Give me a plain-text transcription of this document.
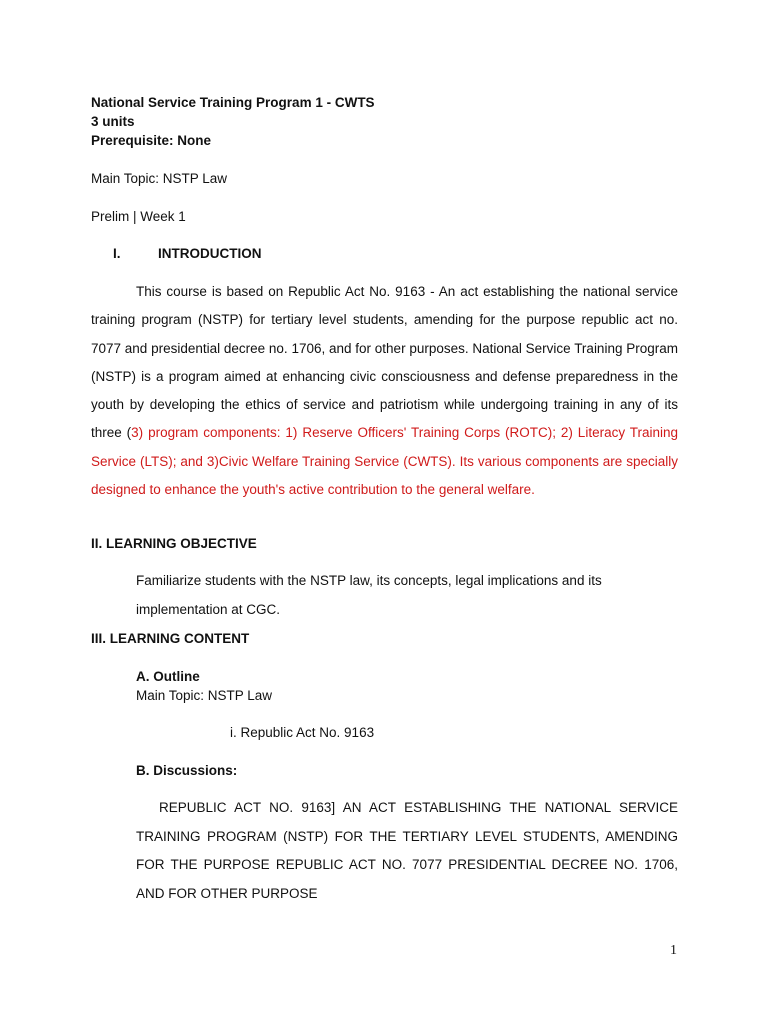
National Service Training Program 1 - CWTS
3 units
Prerequisite: None
Main Topic: NSTP Law
Prelim | Week 1
I.	INTRODUCTION
This course is based on Republic Act No. 9163 - An act establishing the national service training program (NSTP) for tertiary level students, amending for the purpose republic act no. 7077 and presidential decree no. 1706, and for other purposes. National Service Training Program (NSTP) is a program aimed at enhancing civic consciousness and defense preparedness in the youth by developing the ethics of service and patriotism while undergoing training in any of its three (3) program components: 1) Reserve Officers' Training Corps (ROTC); 2) Literacy Training Service (LTS); and 3)Civic Welfare Training Service (CWTS). Its various components are specially designed to enhance the youth's active contribution to the general welfare.
II. LEARNING OBJECTIVE
Familiarize students with the NSTP law, its concepts, legal implications and its implementation at CGC.
III. LEARNING CONTENT
A. Outline
Main Topic: NSTP Law
i. Republic Act No. 9163
B. Discussions:
REPUBLIC ACT NO. 9163] AN ACT ESTABLISHING THE NATIONAL SERVICE TRAINING PROGRAM (NSTP) FOR THE TERTIARY LEVEL STUDENTS, AMENDING FOR THE PURPOSE REPUBLIC ACT NO. 7077 PRESIDENTIAL DECREE NO. 1706, AND FOR OTHER PURPOSE
1
